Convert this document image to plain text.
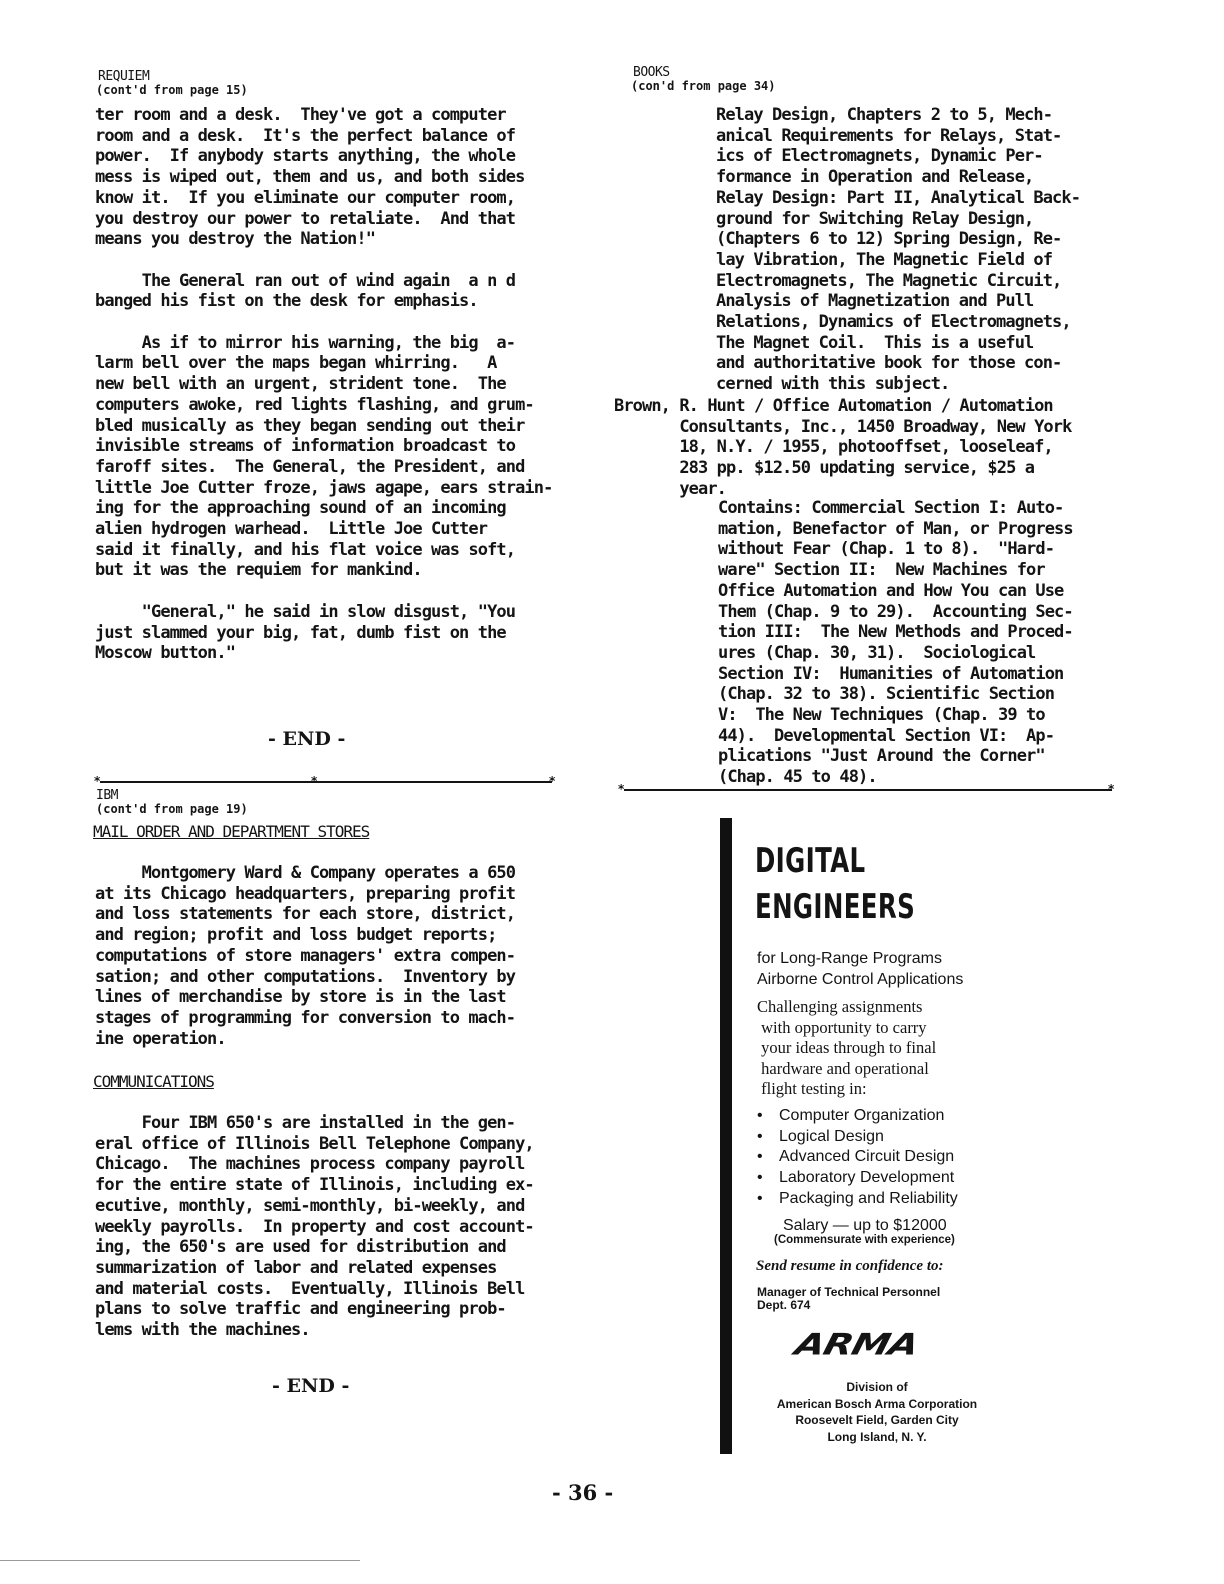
REQUIEM
(cont'd from page 15)

ter room and a desk.  They've got a computer
room and a desk.  It's the perfect balance of
power.  If anybody starts anything, the whole
mess is wiped out, them and us, and both sides
know it.  If you eliminate our computer room,
you destroy our power to retaliate.  And that
means you destroy the Nation!"

The General ran out of wind again  a n d
banged his fist on the desk for emphasis.

As if to mirror his warning, the big  a-
larm bell over the maps began whirring.   A
new bell with an urgent, strident tone.  The
computers awoke, red lights flashing, and grum-
bled musically as they began sending out their
invisible streams of information broadcast to
faroff sites.  The General, the President, and
little Joe Cutter froze, jaws agape, ears strain-
ing for the approaching sound of an incoming
alien hydrogen warhead.  Little Joe Cutter
said it finally, and his flat voice was soft,
but it was the requiem for mankind.

"General," he said in slow disgust, "You
just slammed your big, fat, dumb fist on the
Moscow button."

- END -
*	*	*
IBM
(cont'd from page 19)
MAIL ORDER AND DEPARTMENT STORES

Montgomery Ward & Company operates a 650
at its Chicago headquarters, preparing profit
and loss statements for each store, district,
and region; profit and loss budget reports;
computations of store managers' extra compen-
sation; and other computations.  Inventory by
lines of merchandise by store is in the last
stages of programming for conversion to mach-
ine operation.

COMMUNICATIONS

Four IBM 650's are installed in the gen-
eral office of Illinois Bell Telephone Company,
Chicago.  The machines process company payroll
for the entire state of Illinois, including ex-
ecutive, monthly, semi-monthly, bi-weekly, and
weekly payrolls.  In property and cost account-
ing, the 650's are used for distribution and
summarization of labor and related expenses
and material costs.  Eventually, Illinois Bell
plans to solve traffic and engineering prob-
lems with the machines.

- END -
BOOKS
(con'd from page 34)

Relay Design, Chapters 2 to 5, Mech-
anical Requirements for Relays, Stat-
ics of Electromagnets, Dynamic Per-
formance in Operation and Release,
Relay Design: Part II, Analytical Back-
ground for Switching Relay Design,
(Chapters 6 to 12) Spring Design, Re-
lay Vibration, The Magnetic Field of
Electromagnets, The Magnetic Circuit,
Analysis of Magnetization and Pull
Relations, Dynamics of Electromagnets,
The Magnet Coil.  This is a useful
and authoritative book for those con-
cerned with this subject.

Brown, R. Hunt / Office Automation / Automation
Consultants, Inc., 1450 Broadway, New York
18, N.Y. / 1955, photooffset, looseleaf,
283 pp. $12.50 updating service, $25 a
year.

Contains: Commercial Section I: Auto-
mation, Benefactor of Man, or Progress
without Fear (Chap. 1 to 8).  "Hard-
ware" Section II:  New Machines for
Office Automation and How You can Use
Them (Chap. 9 to 29).  Accounting Sec-
tion III:  The New Methods and Proced-
ures (Chap. 30, 31).  Sociological
Section IV:  Humanities of Automation
(Chap. 32 to 38). Scientific Section
V:  The New Techniques (Chap. 39 to
44).  Developmental Section VI:  Ap-
plications "Just Around the Corner"
(Chap. 45 to 48).

*	*
DIGITAL
ENGINEERS
for Long-Range Programs
Airborne Control Applications
Challenging assignments
with opportunity to carry
your ideas through to final
hardware and operational
flight testing in:
• Computer Organization
• Logical Design
• Advanced Circuit Design
• Laboratory Development
• Packaging and Reliability
Salary — up to $12000
(Commensurate with experience)
Send resume in confidence to:
Manager of Technical Personnel
Dept. 674
ARMA
Division of
American Bosch Arma Corporation
Roosevelt Field, Garden City
Long Island, N. Y.
- 36 -
